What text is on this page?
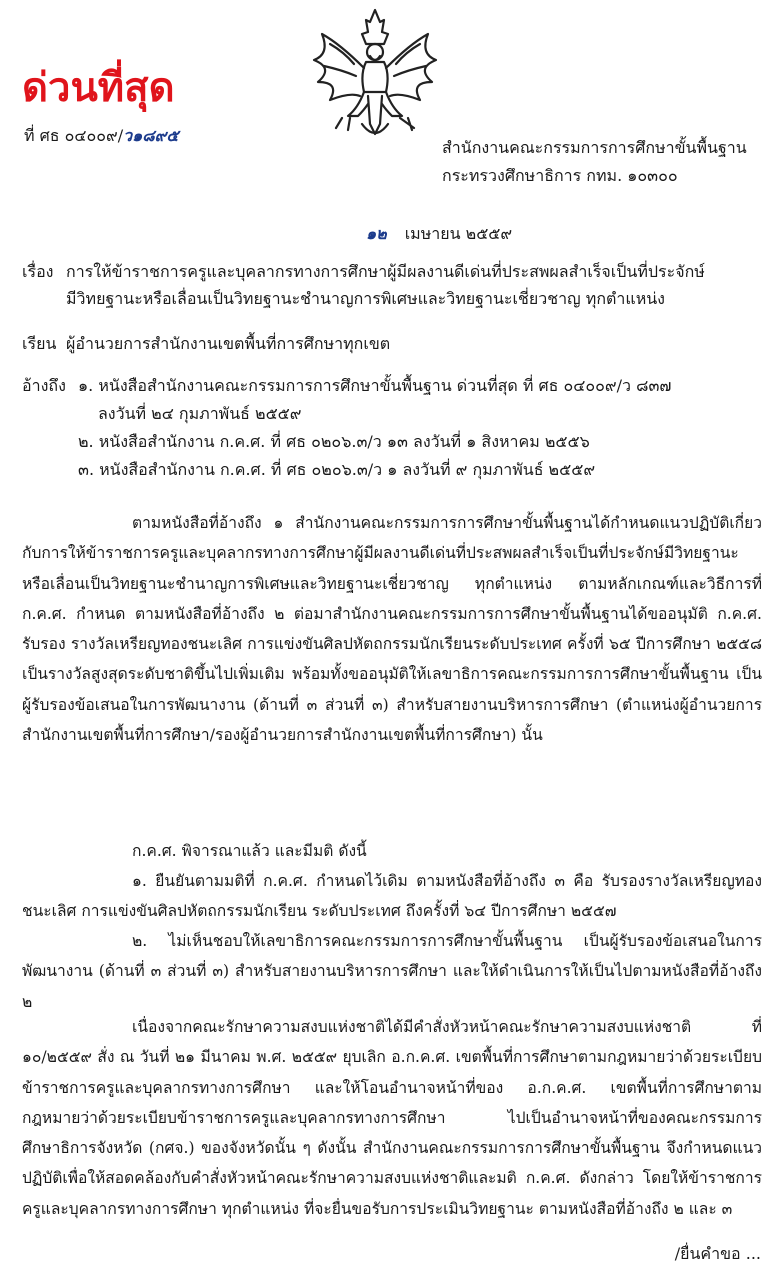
ด่วนที่สุด
ที่ ศธ ๐๔๐๐๙/ว๑๘๙๕
สำนักงานคณะกรรมการการศึกษาขั้นพื้นฐาน
กระทรวงศึกษาธิการ กทม. ๑๐๓๐๐
๑๒ เมษายน ๒๕๕๙
เรื่อง การให้ข้าราชการครูและบุคลากรทางการศึกษาผู้มีผลงานดีเด่นที่ประสพผลสำเร็จเป็นที่ประจักษ์
มีวิทยฐานะหรือเลื่อนเป็นวิทยฐานะชำนาญการพิเศษและวิทยฐานะเชี่ยวชาญ ทุกตำแหน่ง
เรียน ผู้อำนวยการสำนักงานเขตพื้นที่การศึกษาทุกเขต
อ้างถึง ๑. หนังสือสำนักงานคณะกรรมการการศึกษาขั้นพื้นฐาน ด่วนที่สุด ที่ ศธ ๐๔๐๐๙/ว ๘๓๗
ลงวันที่ ๒๔ กุมภาพันธ์ ๒๕๕๙
๒. หนังสือสำนักงาน ก.ค.ศ. ที่ ศธ ๐๒๐๖.๓/ว ๑๓ ลงวันที่ ๑ สิงหาคม ๒๕๕๖
๓. หนังสือสำนักงาน ก.ค.ศ. ที่ ศธ ๐๒๐๖.๓/ว ๑ ลงวันที่ ๙ กุมภาพันธ์ ๒๕๕๙

ตามหนังสือที่อ้างถึง ๑ สำนักงานคณะกรรมการการศึกษาขั้นพื้นฐานได้กำหนดแนวปฏิบัติเกี่ยวกับการให้ข้าราชการครูและบุคลากรทางการศึกษาผู้มีผลงานดีเด่นที่ประสพผลสำเร็จเป็นที่ประจักษ์มีวิทยฐานะหรือเลื่อนเป็นวิทยฐานะชำนาญการพิเศษและวิทยฐานะเชี่ยวชาญ ทุกตำแหน่ง ตามหลักเกณฑ์และวิธีการที่ ก.ค.ศ. กำหนด ตามหนังสือที่อ้างถึง ๒ ต่อมาสำนักงานคณะกรรมการการศึกษาขั้นพื้นฐานได้ขออนุมัติ ก.ค.ศ. รับรอง รางวัลเหรียญทองชนะเลิศ การแข่งขันศิลปหัตถกรรมนักเรียนระดับประเทศ ครั้งที่ ๖๕ ปีการศึกษา ๒๕๕๘ เป็นรางวัลสูงสุดระดับชาติขึ้นไปเพิ่มเติม พร้อมทั้งขออนุมัติให้เลขาธิการคณะกรรมการการศึกษาขั้นพื้นฐาน เป็นผู้รับรองข้อเสนอในการพัฒนางาน (ด้านที่ ๓ ส่วนที่ ๓) สำหรับสายงานบริหารการศึกษา (ตำแหน่งผู้อำนวยการสำนักงานเขตพื้นที่การศึกษา/รองผู้อำนวยการสำนักงานเขตพื้นที่การศึกษา) นั้น

ก.ค.ศ. พิจารณาแล้ว และมีมติ ดังนี้

๑. ยืนยันตามมติที่ ก.ค.ศ. กำหนดไว้เดิม ตามหนังสือที่อ้างถึง ๓ คือ รับรองรางวัลเหรียญทองชนะเลิศ การแข่งขันศิลปหัตถกรรมนักเรียน ระดับประเทศ ถึงครั้งที่ ๖๔ ปีการศึกษา ๒๕๕๗

๒. ไม่เห็นชอบให้เลขาธิการคณะกรรมการการศึกษาขั้นพื้นฐาน เป็นผู้รับรองข้อเสนอในการพัฒนางาน (ด้านที่ ๓ ส่วนที่ ๓) สำหรับสายงานบริหารการศึกษา และให้ดำเนินการให้เป็นไปตามหนังสือที่อ้างถึง ๒

เนื่องจากคณะรักษาความสงบแห่งชาติได้มีคำสั่งหัวหน้าคณะรักษาความสงบแห่งชาติ ที่ ๑๐/๒๕๕๙ สั่ง ณ วันที่ ๒๑ มีนาคม พ.ศ. ๒๕๕๙ ยุบเลิก อ.ก.ค.ศ. เขตพื้นที่การศึกษาตามกฎหมายว่าด้วยระเบียบข้าราชการครูและบุคลากรทางการศึกษา และให้โอนอำนาจหน้าที่ของ อ.ก.ค.ศ. เขตพื้นที่การศึกษาตามกฎหมายว่าด้วยระเบียบข้าราชการครูและบุคลากรทางการศึกษา ไปเป็นอำนาจหน้าที่ของคณะกรรมการศึกษาธิการจังหวัด (กศจ.) ของจังหวัดนั้น ๆ ดังนั้น สำนักงานคณะกรรมการการศึกษาขั้นพื้นฐาน จึงกำหนดแนวปฏิบัติเพื่อให้สอดคล้องกับคำสั่งหัวหน้าคณะรักษาความสงบแห่งชาติและมติ ก.ค.ศ. ดังกล่าว โดยให้ข้าราชการครูและบุคลากรทางการศึกษา ทุกตำแหน่ง ที่จะยื่นขอรับการประเมินวิทยฐานะ ตามหนังสือที่อ้างถึง ๒ และ ๓

/ยื่นคำขอ ...
